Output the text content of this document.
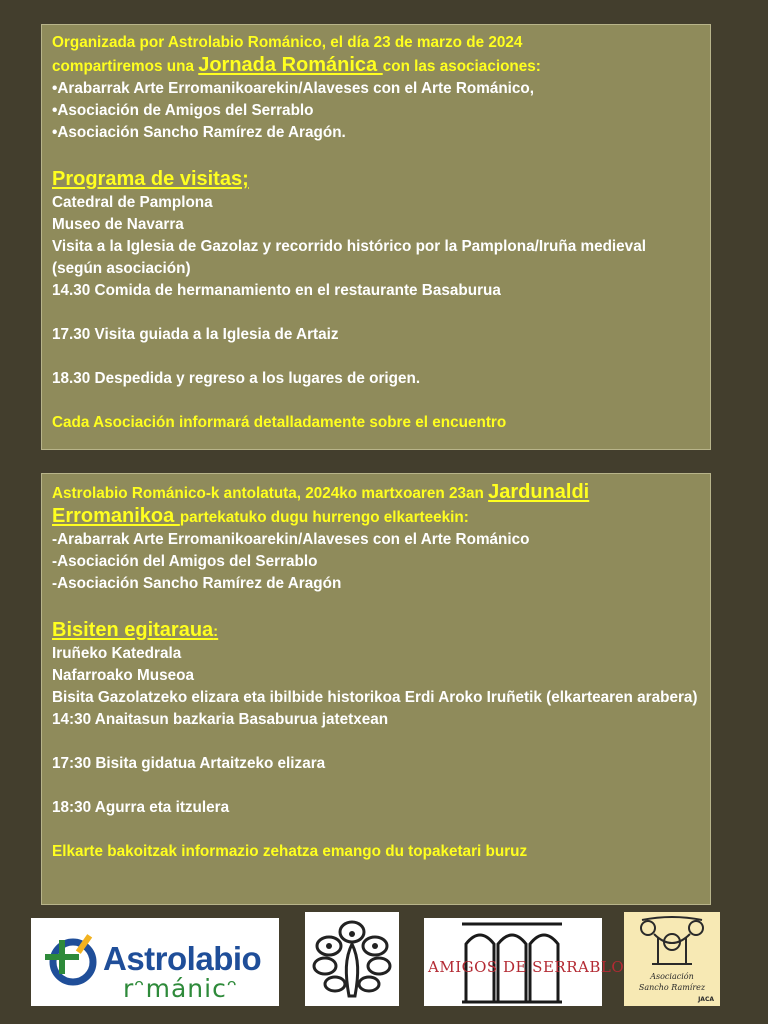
Organizada por Astrolabio Románico, el día 23 de marzo de 2024
compartiremos una Jornada Románica con las asociaciones:
•Arabarrak Arte Erromanikoarekin/Alaveses con el Arte Románico,
•Asociación de Amigos del Serrablo
•Asociación Sancho Ramírez de Aragón.
Programa de visitas;
Catedral de Pamplona
Museo de Navarra
Visita a la Iglesia de Gazolaz y recorrido histórico por la Pamplona/Iruña medieval (según asociación)
14.30 Comida de hermanamiento en el restaurante Basaburua
17.30 Visita guiada a la Iglesia de Artaiz
18.30 Despedida y regreso a los lugares de origen.
Cada Asociación informará detalladamente sobre el encuentro
Astrolabio Románico-k antolatuta, 2024ko martxoaren 23an Jardunaldi
Erromanikoa partekatuko dugu hurrengo elkarteekin:
-Arabarrak Arte Erromanikoarekin/Alaveses con el Arte Románico
-Asociación del Amigos del Serrablo
-Asociación Sancho Ramírez de Aragón
Bisiten egitaraua:
Iruñeko Katedrala
Nafarroako Museoa
Bisita Gazolatzeko elizara eta ibilbide historikoa Erdi Aroko Iruñetik (elkartearen arabera)
14:30 Anaitasun bazkaria Basaburua jatetxean
17:30 Bisita gidatua Artaitzeko elizara
18:30 Agurra eta itzulera
Elkarte bakoitzak informazio zehatza emango du topaketari buruz
Astrolabio
rᵔmánicᵔ
AMIGOS DE SERRABLO
Asociación
Sancho Ramírez
JACA
